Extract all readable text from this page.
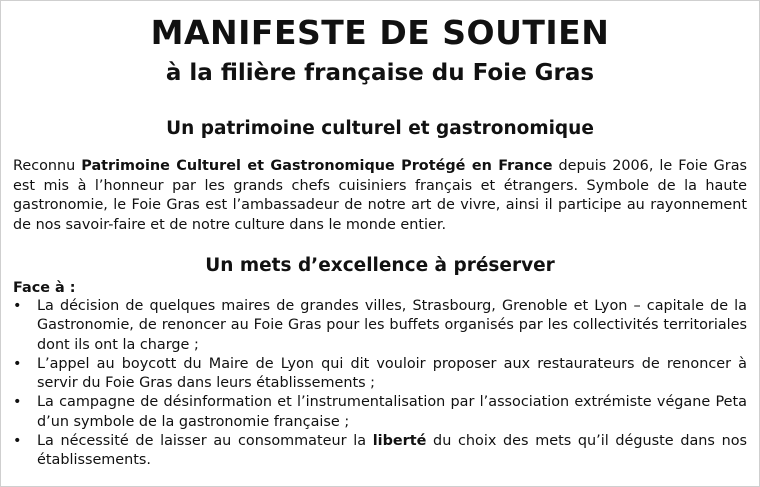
MANIFESTE DE SOUTIEN
à la filière française du Foie Gras
Un patrimoine culturel et gastronomique
Reconnu Patrimoine Culturel et Gastronomique Protégé en France depuis 2006, le Foie Gras est mis à l’honneur par les grands chefs cuisiniers français et étrangers. Symbole de la haute gastronomie, le Foie Gras est l’ambassadeur de notre art de vivre, ainsi il participe au rayonnement de nos savoir-faire et de notre culture dans le monde entier.
Un mets d’excellence à préserver
Face à :
• La décision de quelques maires de grandes villes, Strasbourg, Grenoble et Lyon – capitale de la Gastronomie, de renoncer au Foie Gras pour les buffets organisés par les collectivités territoriales dont ils ont la charge ;
• L’appel au boycott du Maire de Lyon qui dit vouloir proposer aux restaurateurs de renoncer à servir du Foie Gras dans leurs établissements ;
• La campagne de désinformation et l’instrumentalisation par l’association extrémiste végane Peta d’un symbole de la gastronomie française ;
• La nécessité de laisser au consommateur la liberté du choix des mets qu’il déguste dans nos établissements.
